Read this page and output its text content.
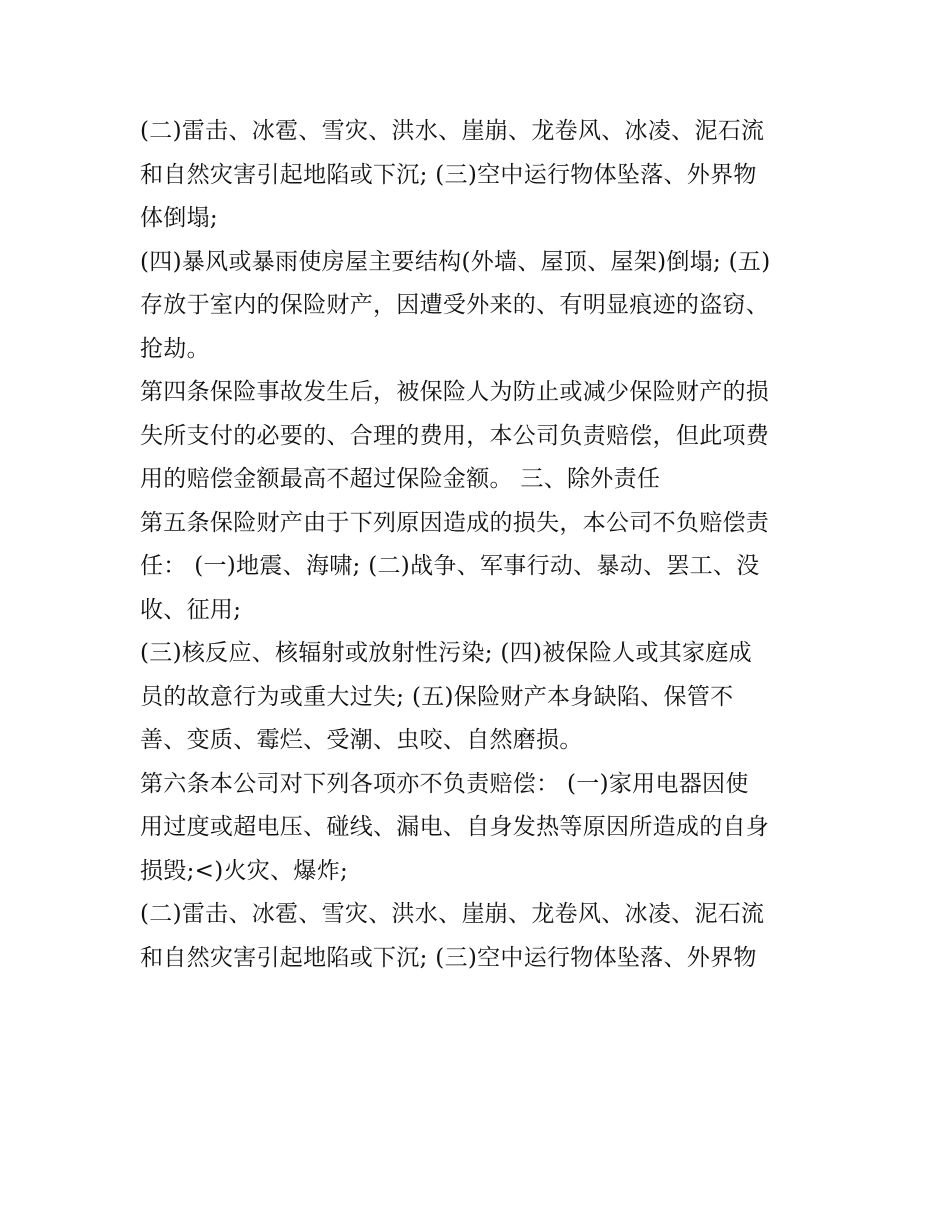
(二)雷击、冰雹、雪灾、洪水、崖崩、龙卷风、冰凌、泥石流
和自然灾害引起地陷或下沉; (三)空中运行物体坠落、外界物
体倒塌;

(四)暴风或暴雨使房屋主要结构(外墙、屋顶、屋架)倒塌; (五)
存放于室内的保险财产，因遭受外来的、有明显痕迹的盗窃、
抢劫。

第四条保险事故发生后，被保险人为防止或减少保险财产的损
失所支付的必要的、合理的费用，本公司负责赔偿，但此项费
用的赔偿金额最高不超过保险金额。 三、除外责任

第五条保险财产由于下列原因造成的损失，本公司不负赔偿责
任： (一)地震、海啸; (二)战争、军事行动、暴动、罢工、没
收、征用;

(三)核反应、核辐射或放射性污染; (四)被保险人或其家庭成
员的故意行为或重大过失; (五)保险财产本身缺陷、保管不
善、变质、霉烂、受潮、虫咬、自然磨损。

第六条本公司对下列各项亦不负责赔偿： (一)家用电器因使
用过度或超电压、碰线、漏电、自身发热等原因所造成的自身
损毁;<)火灾、爆炸;

(二)雷击、冰雹、雪灾、洪水、崖崩、龙卷风、冰凌、泥石流
和自然灾害引起地陷或下沉; (三)空中运行物体坠落、外界物
